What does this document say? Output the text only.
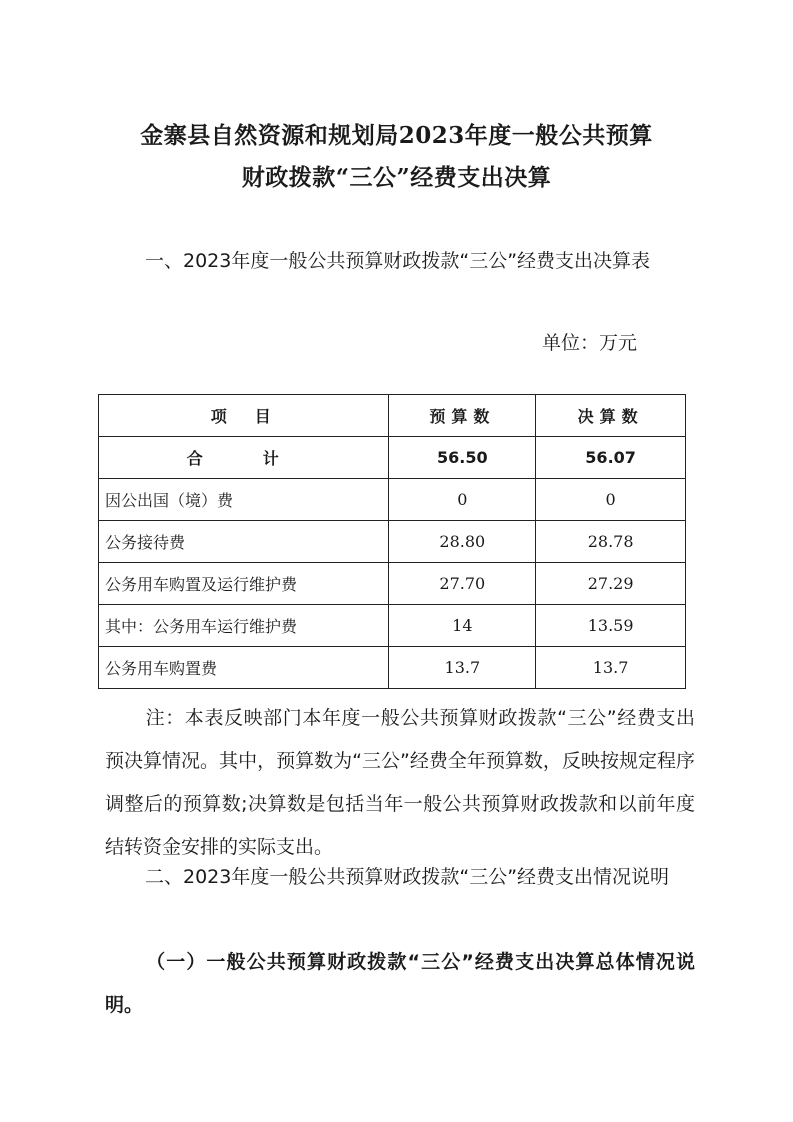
金寨县自然资源和规划局2023年度一般公共预算
财政拨款“三公”经费支出决算
一、2023年度一般公共预算财政拨款“三公”经费支出决算表
单位：万元
项　目	预算数	决算数
合　计	56.50	56.07
因公出国（境）费	0	0
公务接待费	28.80	28.78
公务用车购置及运行维护费	27.70	27.29
其中：公务用车运行维护费	14	13.59
公务用车购置费	13.7	13.7
注：本表反映部门本年度一般公共预算财政拨款“三公”经费支出预决算情况。其中，预算数为“三公”经费全年预算数，反映按规定程序调整后的预算数;决算数是包括当年一般公共预算财政拨款和以前年度结转资金安排的实际支出。
二、2023年度一般公共预算财政拨款“三公”经费支出情况说明
（一）一般公共预算财政拨款“三公”经费支出决算总体情况说明。
